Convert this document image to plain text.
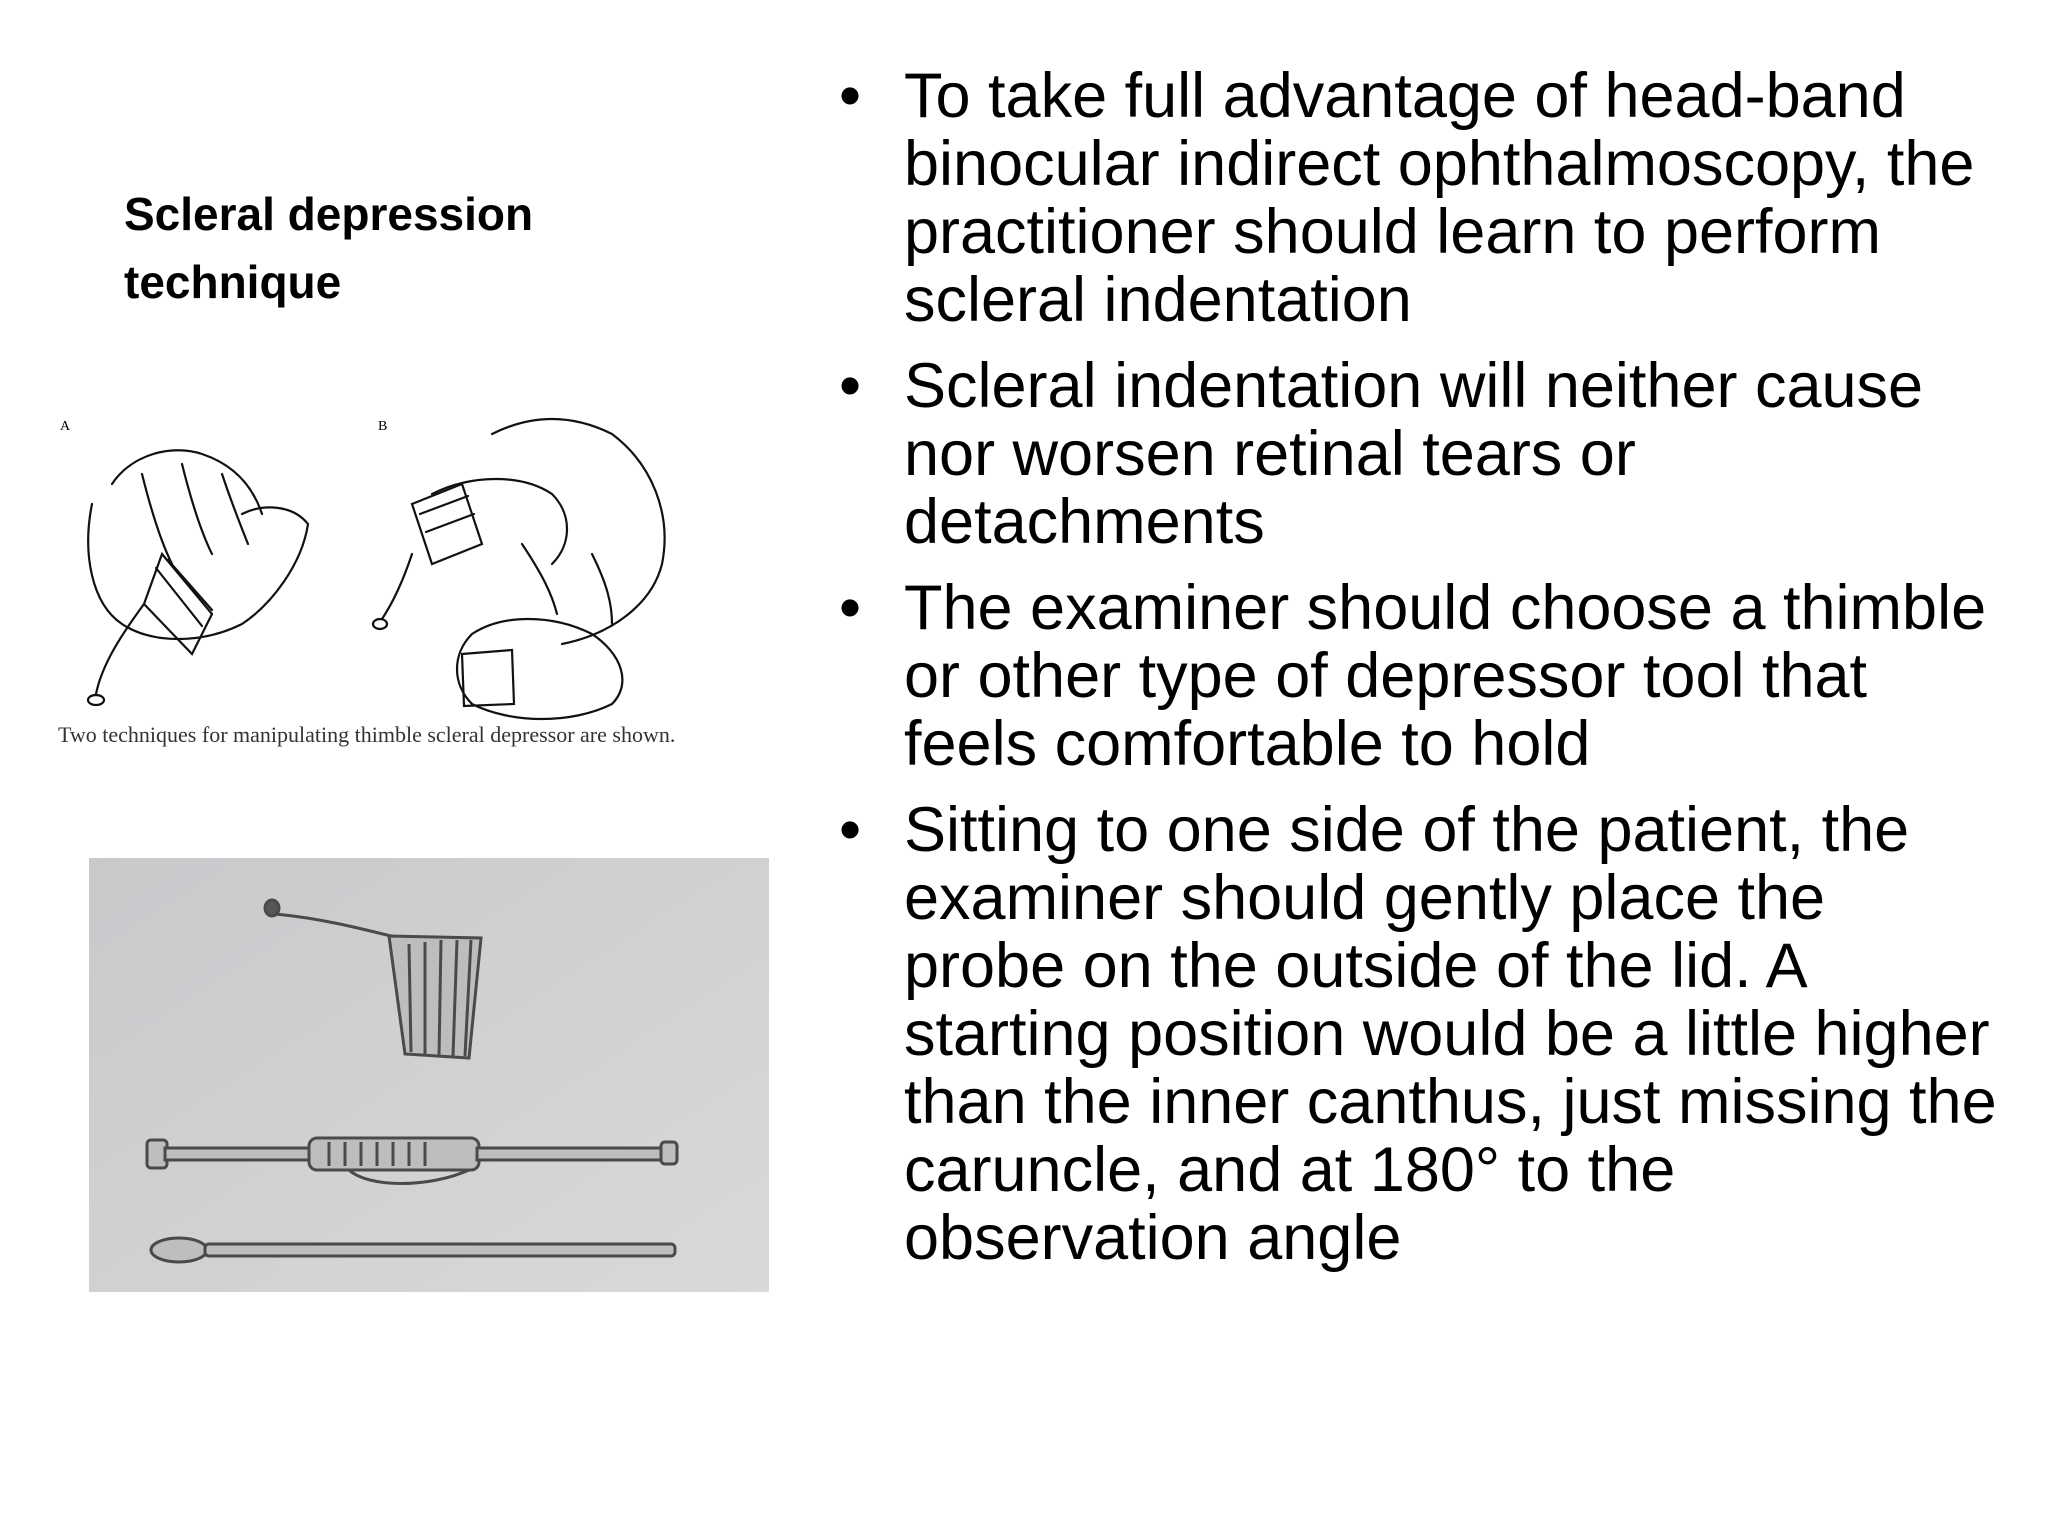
Scleral depression
technique
A	B
Two techniques for manipulating thimble scleral depressor are shown.
• To take full advantage of head-band binocular indirect ophthalmoscopy, the practitioner should learn to perform scleral indentation
• Scleral indentation will neither cause nor worsen retinal tears or detachments
• The examiner should choose a thimble or other type of depressor tool that feels comfortable to hold
• Sitting to one side of the patient, the examiner should gently place the probe on the outside of the lid. A starting position would be a little higher than the inner canthus, just missing the caruncle, and at 180° to the observation angle
